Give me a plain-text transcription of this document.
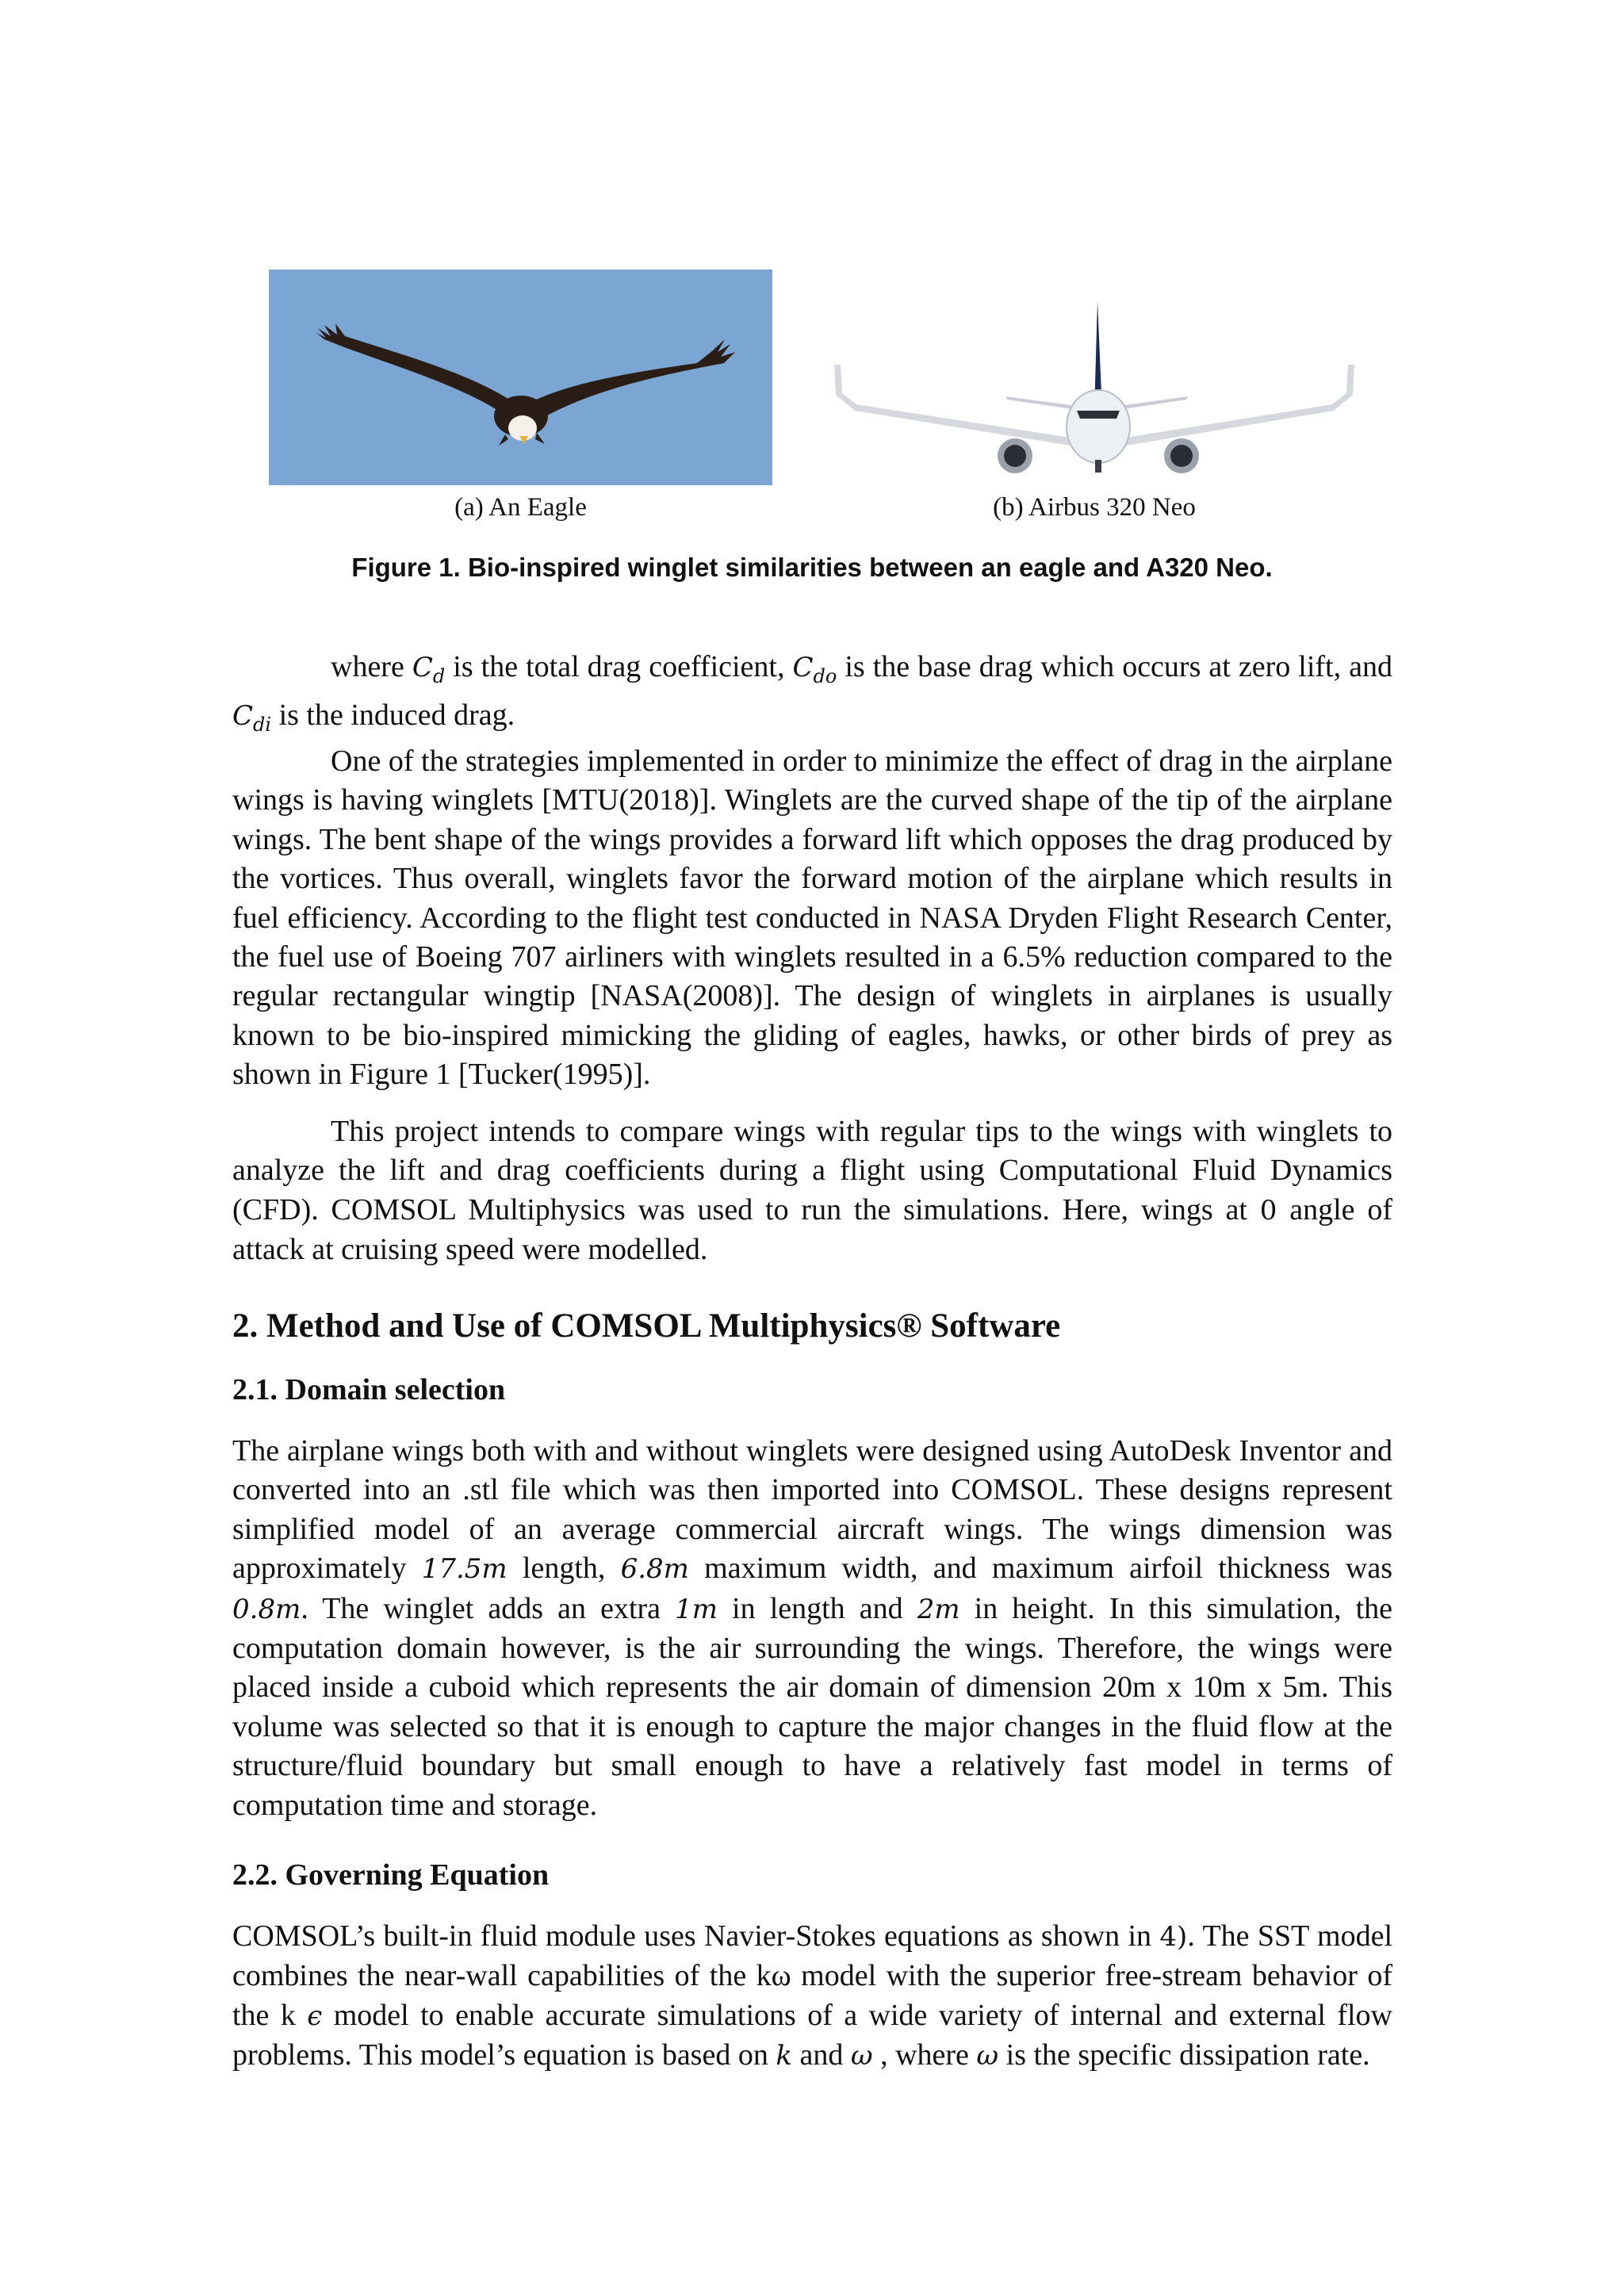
(a) An Eagle	(b) Airbus 320 Neo
Figure 1. Bio-inspired winglet similarities between an eagle and A320 Neo.
where $C_d$ is the total drag coefficient, $C_{do}$ is the base drag which occurs at zero lift, and $C_{di}$ is the induced drag.
One of the strategies implemented in order to minimize the effect of drag in the airplane wings is having winglets [MTU(2018)]. Winglets are the curved shape of the tip of the airplane wings. The bent shape of the wings provides a forward lift which opposes the drag produced by the vortices. Thus overall, winglets favor the forward motion of the airplane which results in fuel efficiency. According to the flight test conducted in NASA Dryden Flight Research Center, the fuel use of Boeing 707 airliners with winglets resulted in a 6.5% reduction compared to the regular rectangular wingtip [NASA(2008)]. The design of winglets in airplanes is usually known to be bio-inspired mimicking the gliding of eagles, hawks, or other birds of prey as shown in Figure 1 [Tucker(1995)].
This project intends to compare wings with regular tips to the wings with winglets to analyze the lift and drag coefficients during a flight using Computational Fluid Dynamics (CFD). COMSOL Multiphysics was used to run the simulations. Here, wings at 0 angle of attack at cruising speed were modelled.
2. Method and Use of COMSOL Multiphysics® Software
2.1. Domain selection
The airplane wings both with and without winglets were designed using AutoDesk Inventor and converted into an .stl file which was then imported into COMSOL. These designs represent simplified model of an average commercial aircraft wings. The wings dimension was approximately 17.5m length, 6.8m maximum width, and maximum airfoil thickness was 0.8m. The winglet adds an extra 1m in length and 2m in height. In this simulation, the computation domain however, is the air surrounding the wings. Therefore, the wings were placed inside a cuboid which represents the air domain of dimension 20m x 10m x 5m. This volume was selected so that it is enough to capture the major changes in the fluid flow at the structure/fluid boundary but small enough to have a relatively fast model in terms of computation time and storage.
2.2. Governing Equation
COMSOL’s built-in fluid module uses Navier-Stokes equations as shown in 4). The SST model combines the near-wall capabilities of the kω model with the superior free-stream behavior of the k ϵ model to enable accurate simulations of a wide variety of internal and external flow problems. This model’s equation is based on k and ω , where ω is the specific dissipation rate.
